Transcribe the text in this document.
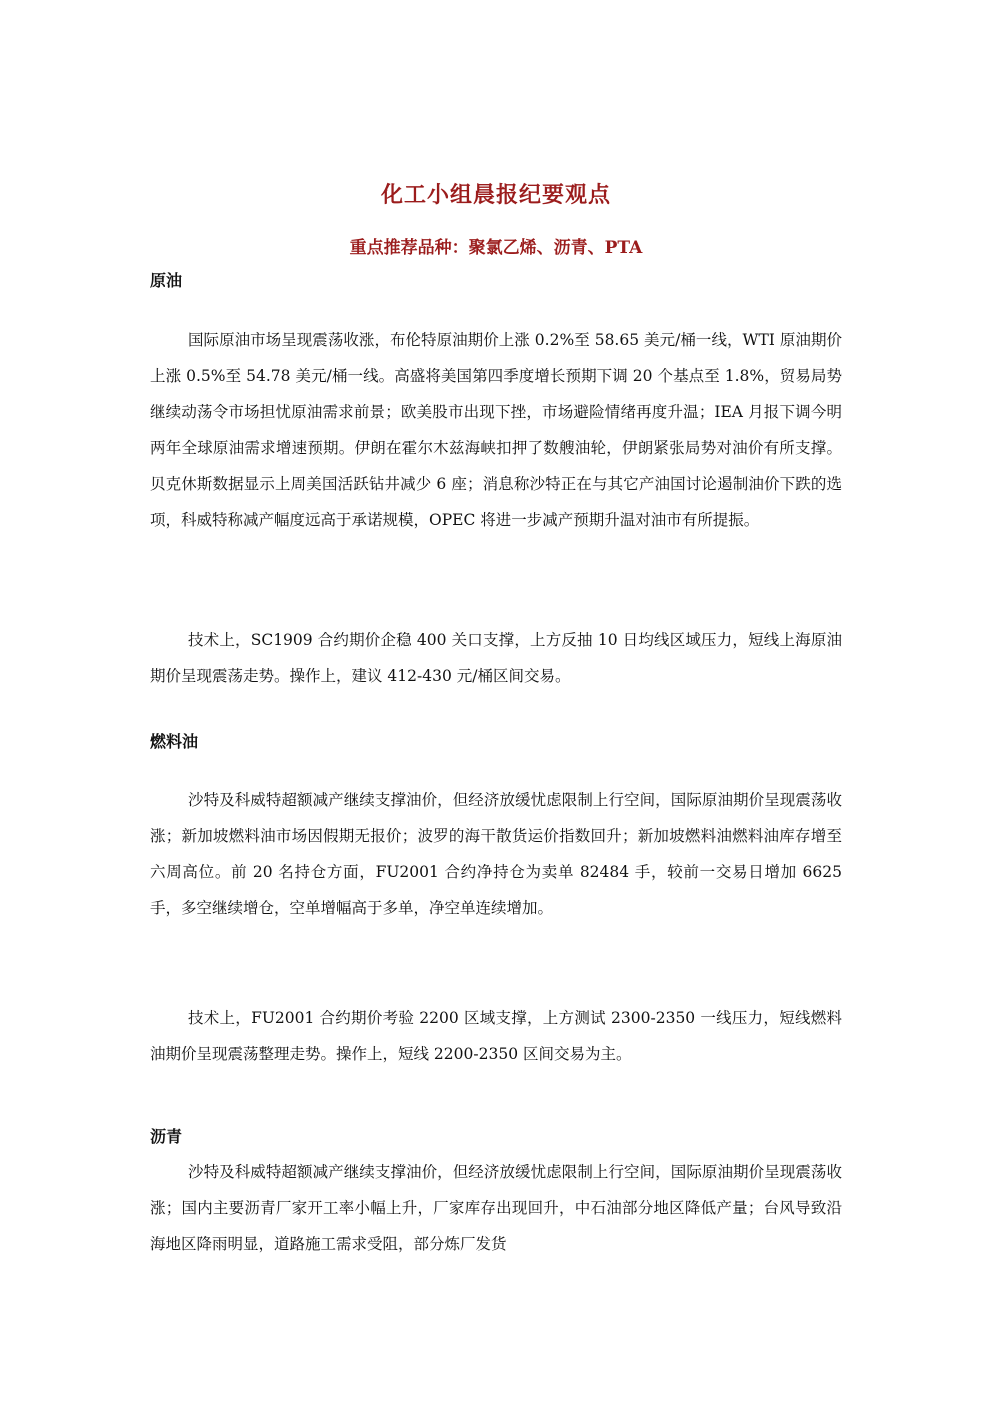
化工小组晨报纪要观点
重点推荐品种：聚氯乙烯、沥青、PTA
原油

国际原油市场呈现震荡收涨，布伦特原油期价上涨 0.2%至 58.65 美元/桶一线，WTI 原油期价上涨 0.5%至 54.78 美元/桶一线。高盛将美国第四季度增长预期下调 20 个基点至 1.8%，贸易局势继续动荡令市场担忧原油需求前景；欧美股市出现下挫，市场避险情绪再度升温；IEA 月报下调今明两年全球原油需求增速预期。伊朗在霍尔木兹海峡扣押了数艘油轮，伊朗紧张局势对油价有所支撑。贝克休斯数据显示上周美国活跃钻井减少 6 座；消息称沙特正在与其它产油国讨论遏制油价下跌的选项，科威特称减产幅度远高于承诺规模，OPEC 将进一步减产预期升温对油市有所提振。

技术上，SC1909 合约期价企稳 400 关口支撑，上方反抽 10 日均线区域压力，短线上海原油期价呈现震荡走势。操作上，建议 412-430 元/桶区间交易。

燃料油

沙特及科威特超额减产继续支撑油价，但经济放缓忧虑限制上行空间，国际原油期价呈现震荡收涨；新加坡燃料油市场因假期无报价；波罗的海干散货运价指数回升；新加坡燃料油燃料油库存增至六周高位。前 20 名持仓方面，FU2001 合约净持仓为卖单 82484 手，较前一交易日增加 6625 手，多空继续增仓，空单增幅高于多单，净空单连续增加。

技术上，FU2001 合约期价考验 2200 区域支撑，上方测试 2300-2350 一线压力，短线燃料油期价呈现震荡整理走势。操作上，短线 2200-2350 区间交易为主。

沥青

沙特及科威特超额减产继续支撑油价，但经济放缓忧虑限制上行空间，国际原油期价呈现震荡收涨；国内主要沥青厂家开工率小幅上升，厂家库存出现回升，中石油部分地区降低产量；台风导致沿海地区降雨明显，道路施工需求受阻，部分炼厂发货
